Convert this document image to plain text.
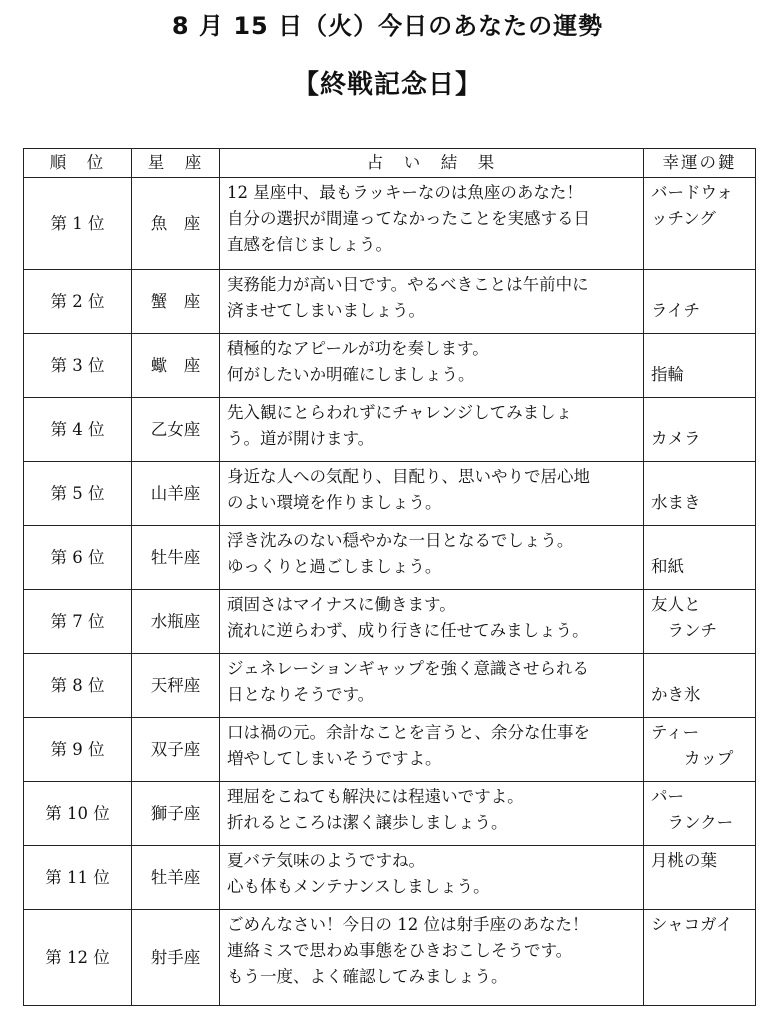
8 月 15 日（火）今日のあなたの運勢
【終戦記念日】
順　位	星　座	占　い　結　果	幸運の鍵
第 1 位	魚　座	12 星座中、最もラッキーなのは魚座のあなた！
自分の選択が間違ってなかったことを実感する日
直感を信じましょう。	バードウォ
ッチング

第 2 位	蟹　座	実務能力が高い日です。やるべきことは午前中に
済ませてしまいましょう。	ライチ

第 3 位	蠍　座	積極的なアピールが功を奏します。
何がしたいか明確にしましょう。	指輪

第 4 位	乙女座	先入観にとらわれずにチャレンジしてみましょ
う。道が開けます。	カメラ

第 5 位	山羊座	身近な人への気配り、目配り、思いやりで居心地
のよい環境を作りましょう。	水まき

第 6 位	牡牛座	浮き沈みのない穏やかな一日となるでしょう。
ゆっくりと過ごしましょう。	和紙

第 7 位	水瓶座	頑固さはマイナスに働きます。
流れに逆らわず、成り行きに任せてみましょう。	友人と
　ランチ

第 8 位	天秤座	ジェネレーションギャップを強く意識させられる
日となりそうです。	かき氷

第 9 位	双子座	口は禍の元。余計なことを言うと、余分な仕事を
増やしてしまいそうですよ。	ティー
　　カップ

第 10 位	獅子座	理屈をこねても解決には程遠いですよ。
折れるところは潔く譲歩しましょう。	パー
　ランクー

第 11 位	牡羊座	夏バテ気味のようですね。
心も体もメンテナンスしましょう。	月桃の葉

第 12 位	射手座	ごめんなさい！今日の 12 位は射手座のあなた！
連絡ミスで思わぬ事態をひきおこしそうです。
もう一度、よく確認してみましょう。	シャコガイ
